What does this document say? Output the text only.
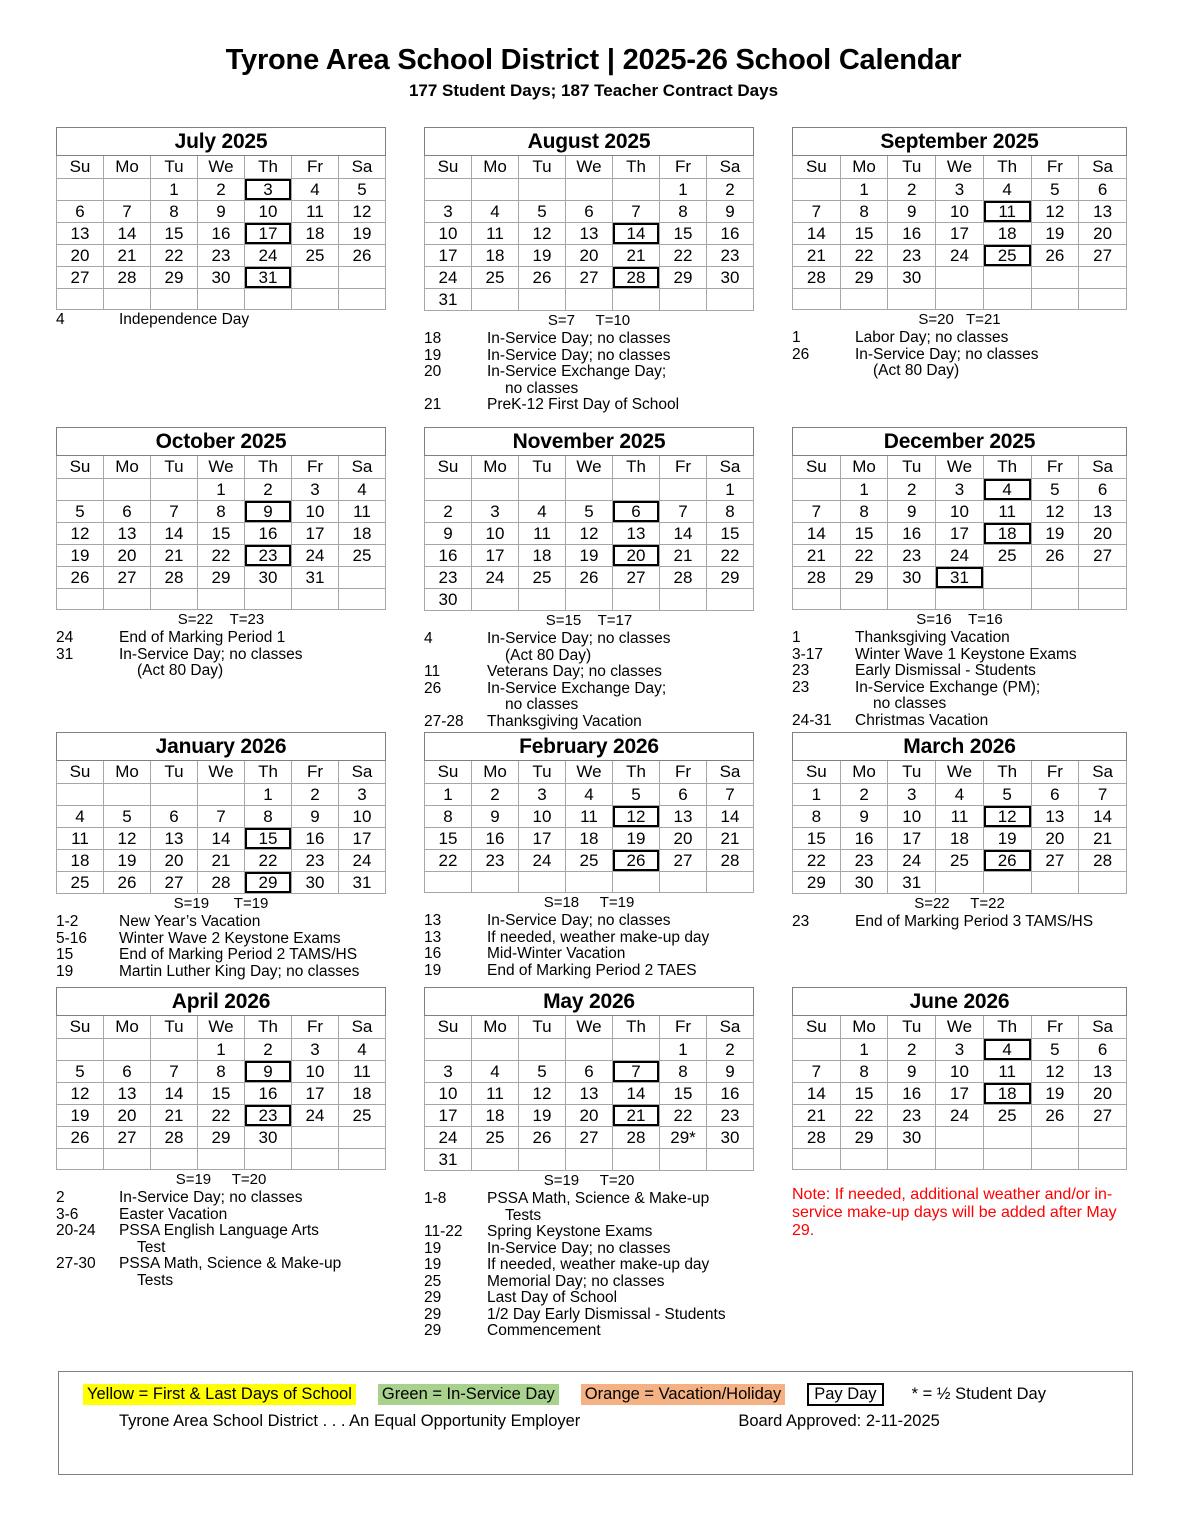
Tyrone Area School District | 2025-26 School Calendar
177 Student Days; 187 Teacher Contract Days
July 2025						
Su	Mo	Tu	We	Th	Fr	Sa
		1	2	3	4	5
6	7	8	9	10	11	12
13	14	15	16	17	18	19
20	21	22	23	24	25	26
27	28	29	30	31		

4	Independence Day
August 2025						
Su	Mo	Tu	We	Th	Fr	Sa
					1	2
3	4	5	6	7	8	9
10	11	12	13	14	15	16
17	18	19	20	21	22	23
24	25	26	27	28	29	30
31						
S=7     T=10
18	In-Service Day; no classes
19	In-Service Day; no classes
20	In-Service Exchange Day;
no classes
21	PreK-12 First Day of School
September 2025						
Su	Mo	Tu	We	Th	Fr	Sa
	1	2	3	4	5	6
7	8	9	10	11	12	13
14	15	16	17	18	19	20
21	22	23	24	25	26	27
28	29	30				

S=20   T=21
1	Labor Day; no classes
26	In-Service Day; no classes
(Act 80 Day)
October 2025						
Su	Mo	Tu	We	Th	Fr	Sa
			1	2	3	4
5	6	7	8	9	10	11
12	13	14	15	16	17	18
19	20	21	22	23	24	25
26	27	28	29	30	31	

S=22    T=23
24	End of Marking Period 1
31	In-Service Day; no classes
(Act 80 Day)
November 2025						
Su	Mo	Tu	We	Th	Fr	Sa
						1
2	3	4	5	6	7	8
9	10	11	12	13	14	15
16	17	18	19	20	21	22
23	24	25	26	27	28	29
30						
S=15    T=17
4	In-Service Day; no classes
(Act 80 Day)
11	Veterans Day; no classes
26	In-Service Exchange Day;
no classes
27-28	Thanksgiving Vacation
December 2025						
Su	Mo	Tu	We	Th	Fr	Sa
	1	2	3	4	5	6
7	8	9	10	11	12	13
14	15	16	17	18	19	20
21	22	23	24	25	26	27
28	29	30	31			

S=16    T=16
1	Thanksgiving Vacation
3-17	Winter Wave 1 Keystone Exams
23	Early Dismissal - Students
23	In-Service Exchange (PM);
no classes
24-31	Christmas Vacation
January 2026						
Su	Mo	Tu	We	Th	Fr	Sa
				1	2	3
4	5	6	7	8	9	10
11	12	13	14	15	16	17
18	19	20	21	22	23	24
25	26	27	28	29	30	31
S=19      T=19
1-2	New Year’s Vacation
5-16	Winter Wave 2 Keystone Exams
15	End of Marking Period 2 TAMS/HS
19	Martin Luther King Day; no classes
February 2026						
Su	Mo	Tu	We	Th	Fr	Sa
1	2	3	4	5	6	7
8	9	10	11	12	13	14
15	16	17	18	19	20	21
22	23	24	25	26	27	28

S=18     T=19
13	In-Service Day; no classes
13	If needed, weather make-up day
16	Mid-Winter Vacation
19	End of Marking Period 2 TAES
March 2026						
Su	Mo	Tu	We	Th	Fr	Sa
1	2	3	4	5	6	7
8	9	10	11	12	13	14
15	16	17	18	19	20	21
22	23	24	25	26	27	28
29	30	31				
S=22     T=22
23	End of Marking Period 3 TAMS/HS
April 2026						
Su	Mo	Tu	We	Th	Fr	Sa
			1	2	3	4
5	6	7	8	9	10	11
12	13	14	15	16	17	18
19	20	21	22	23	24	25
26	27	28	29	30		

S=19     T=20
2	In-Service Day; no classes
3-6	Easter Vacation
20-24	PSSA English Language Arts
Test
27-30	PSSA Math, Science & Make-up
Tests
May 2026						
Su	Mo	Tu	We	Th	Fr	Sa
					1	2
3	4	5	6	7	8	9
10	11	12	13	14	15	16
17	18	19	20	21	22	23
24	25	26	27	28	29*	30
31						
S=19     T=20
1-8	PSSA Math, Science & Make-up
Tests
11-22	Spring Keystone Exams
19	In-Service Day; no classes
19	If needed, weather make-up day
25	Memorial Day; no classes
29	Last Day of School
29	1/2 Day Early Dismissal - Students
29	Commencement
June 2026						
Su	Mo	Tu	We	Th	Fr	Sa
	1	2	3	4	5	6
7	8	9	10	11	12	13
14	15	16	17	18	19	20
21	22	23	24	25	26	27
28	29	30				

Note: If needed, additional weather and/or in-service make-up days will be added after May 29.
Yellow = First & Last Days of School Green = In-Service Day Orange = Vacation/Holiday	Pay Day	* = ½ Student Day
Tyrone Area School District . . . An Equal Opportunity Employer	Board Approved: 2-11-2025
